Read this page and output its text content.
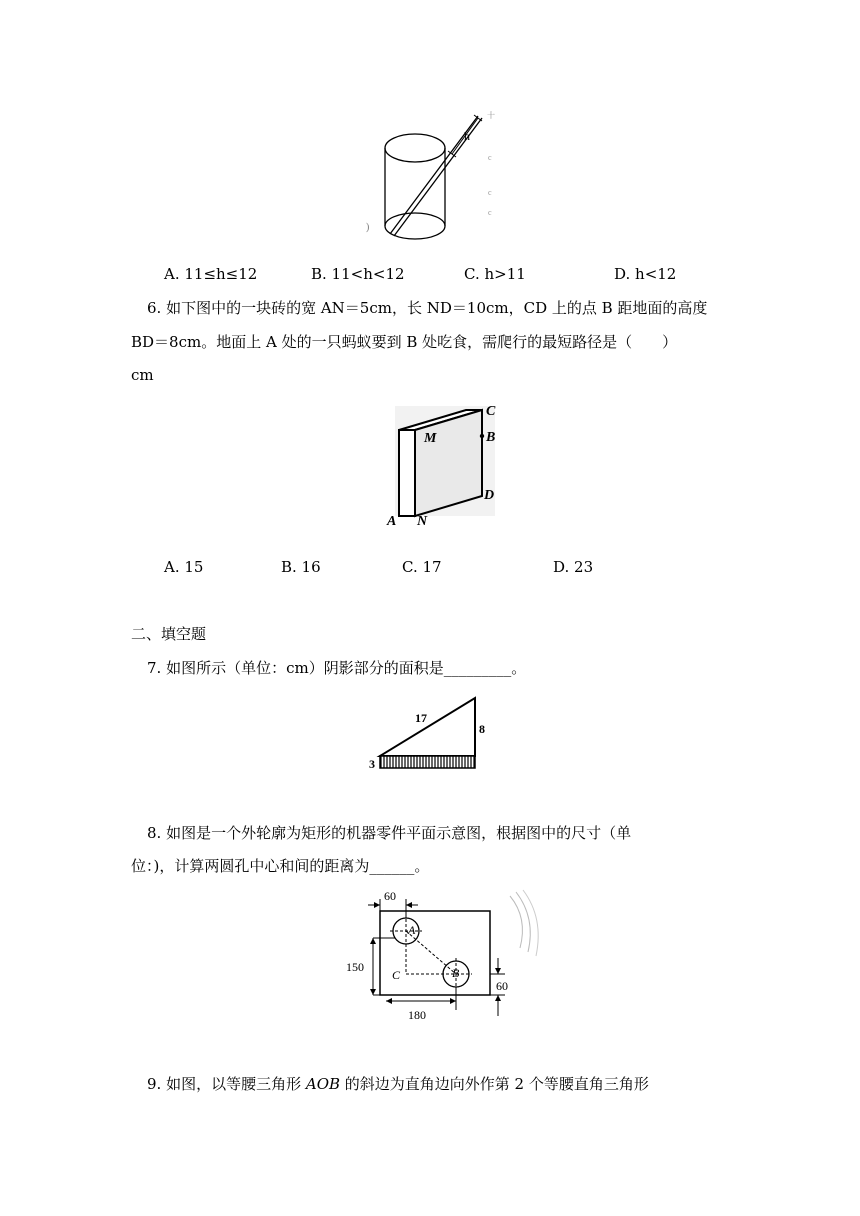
h
十
c
c
c
)
A. 11≤h≤12	B. 11<h<12	C. h>11	D. h<12
6. 如下图中的一块砖的宽 AN＝5cm，长 ND＝10cm，CD 上的点 B 距地面的高度
BD＝8cm。地面上 A 处的一只蚂蚁要到 B 处吃食，需爬行的最短路径是（　　）
cm
C
B
D
M
A N
A. 15	B. 16	C. 17	D. 23
二、填空题
7. 如图所示（单位：cm）阴影部分的面积是_________。
17
8
3
8. 如图是一个外轮廓为矩形的机器零件平面示意图，根据图中的尺寸（单
位：)，计算两圆孔中心和间的距离为______。
60
150
180
60
A
B
C
9. 如图，以等腰三角形 AOB 的斜边为直角边向外作第 2 个等腰直角三角形
